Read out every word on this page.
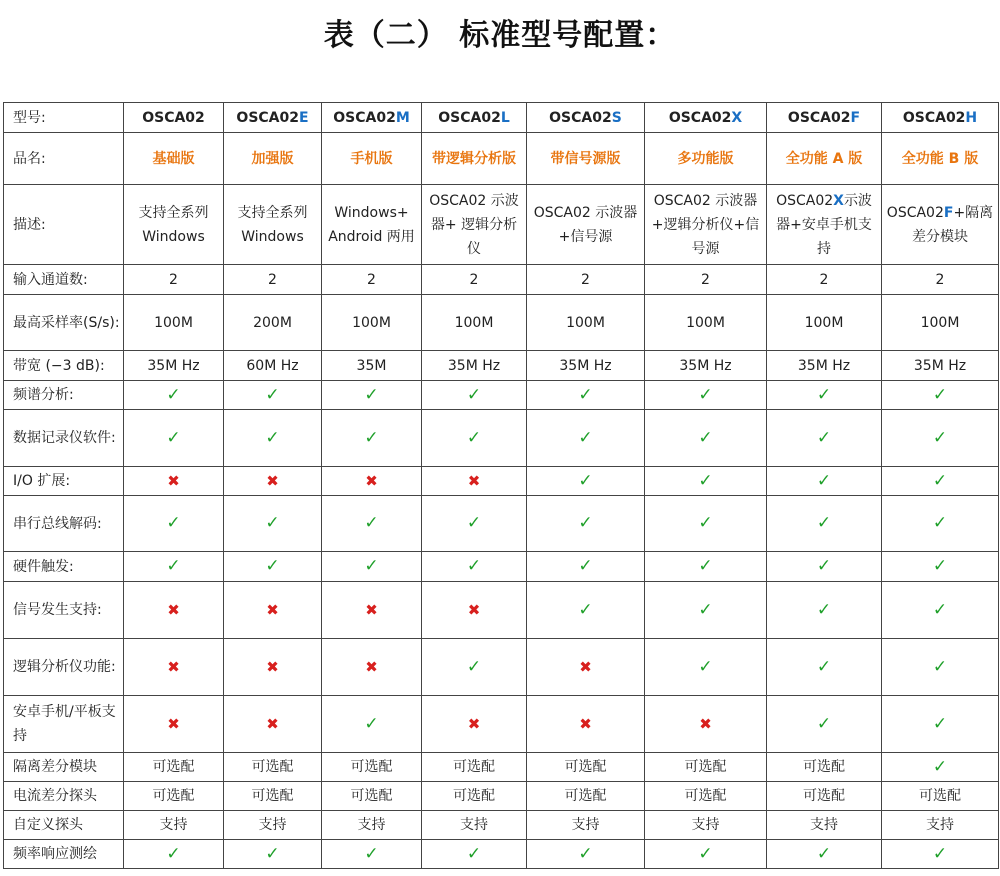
表（二） 标准型号配置：
型号:	OSCA02	OSCA02E	OSCA02M	OSCA02L	OSCA02S	OSCA02X	OSCA02F	OSCA02H
品名:	基础版	加强版	手机版	带逻辑分析版	带信号源版	多功能版	全功能 A 版	全功能 B 版
描述:	支持全系列 Windows	支持全系列 Windows	Windows+ Android 两用	OSCA02 示波器+ 逻辑分析仪	OSCA02 示波器+信号源	OSCA02 示波器+逻辑分析仪+信号源	OSCA02X示波器+安卓手机支持	OSCA02F+隔离差分模块
输入通道数:	2	2	2	2	2	2	2	2
最高采样率(S/s):	100M	200M	100M	100M	100M	100M	100M	100M
带宽 (−3 dB):	35M Hz	60M Hz	35M	35M Hz	35M Hz	35M Hz	35M Hz	35M Hz
频谱分析:	✓	✓	✓	✓	✓	✓	✓	✓
数据记录仪软件:	✓	✓	✓	✓	✓	✓	✓	✓
I/O 扩展:	✖	✖	✖	✖	✓	✓	✓	✓
串行总线解码:	✓	✓	✓	✓	✓	✓	✓	✓
硬件触发:	✓	✓	✓	✓	✓	✓	✓	✓
信号发生支持:	✖	✖	✖	✖	✓	✓	✓	✓
逻辑分析仪功能:	✖	✖	✖	✓	✖	✓	✓	✓
安卓手机/平板支持	✖	✖	✓	✖	✖	✖	✓	✓
隔离差分模块	可选配	可选配	可选配	可选配	可选配	可选配	可选配	✓
电流差分探头	可选配	可选配	可选配	可选配	可选配	可选配	可选配	可选配
自定义探头	支持	支持	支持	支持	支持	支持	支持	支持
频率响应测绘	✓	✓	✓	✓	✓	✓	✓	✓
